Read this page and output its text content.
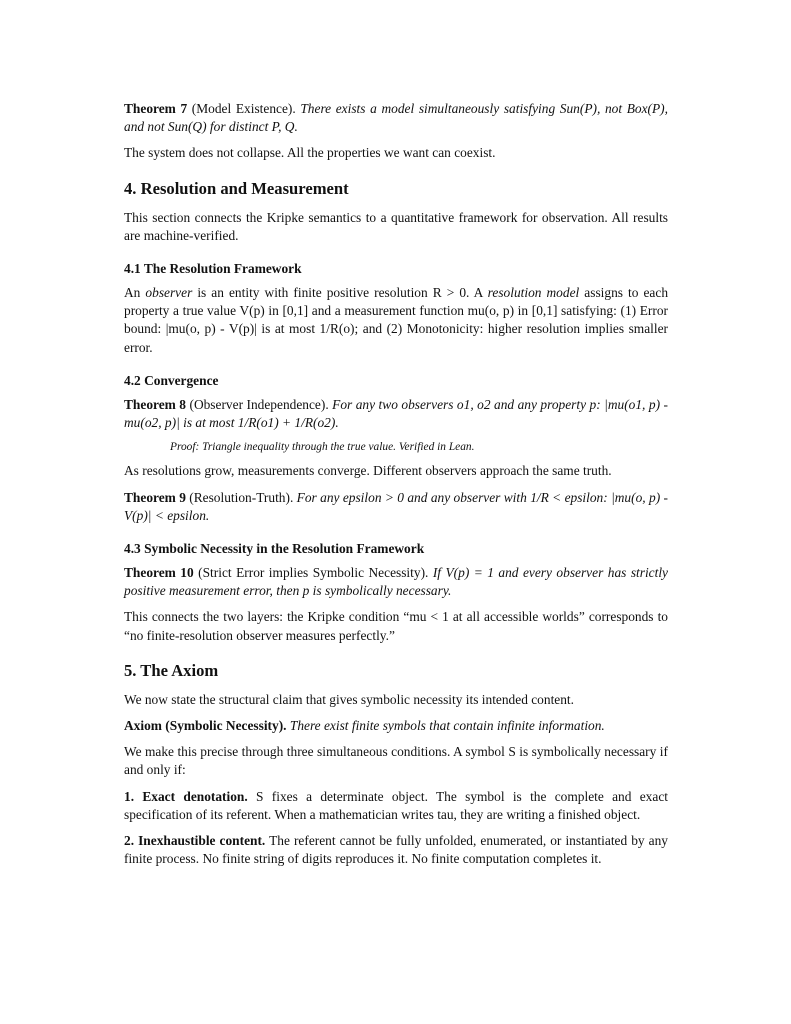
Theorem 7 (Model Existence). There exists a model simultaneously satisfying Sun(P), not Box(P), and not Sun(Q) for distinct P, Q.

The system does not collapse. All the properties we want can coexist.

4. Resolution and Measurement

This section connects the Kripke semantics to a quantitative framework for observation. All results are machine-verified.

4.1 The Resolution Framework

An observer is an entity with finite positive resolution R > 0. A resolution model assigns to each property a true value V(p) in [0,1] and a measurement function mu(o, p) in [0,1] satisfying: (1) Error bound: |mu(o, p) - V(p)| is at most 1/R(o); and (2) Monotonicity: higher resolution implies smaller error.

4.2 Convergence

Theorem 8 (Observer Independence). For any two observers o1, o2 and any property p: |mu(o1, p) - mu(o2, p)| is at most 1/R(o1) + 1/R(o2).

Proof: Triangle inequality through the true value. Verified in Lean.

As resolutions grow, measurements converge. Different observers approach the same truth.

Theorem 9 (Resolution-Truth). For any epsilon > 0 and any observer with 1/R < epsilon: |mu(o, p) - V(p)| < epsilon.

4.3 Symbolic Necessity in the Resolution Framework

Theorem 10 (Strict Error implies Symbolic Necessity). If V(p) = 1 and every observer has strictly positive measurement error, then p is symbolically necessary.

This connects the two layers: the Kripke condition “mu < 1 at all accessible worlds” corresponds to “no finite-resolution observer measures perfectly.”

5. The Axiom

We now state the structural claim that gives symbolic necessity its intended content.

Axiom (Symbolic Necessity). There exist finite symbols that contain infinite information.

We make this precise through three simultaneous conditions. A symbol S is symbolically necessary if and only if:

1. Exact denotation. S fixes a determinate object. The symbol is the complete and exact specification of its referent. When a mathematician writes tau, they are writing a finished object.

2. Inexhaustible content. The referent cannot be fully unfolded, enumerated, or instantiated by any finite process. No finite string of digits reproduces it. No finite computation completes it.
